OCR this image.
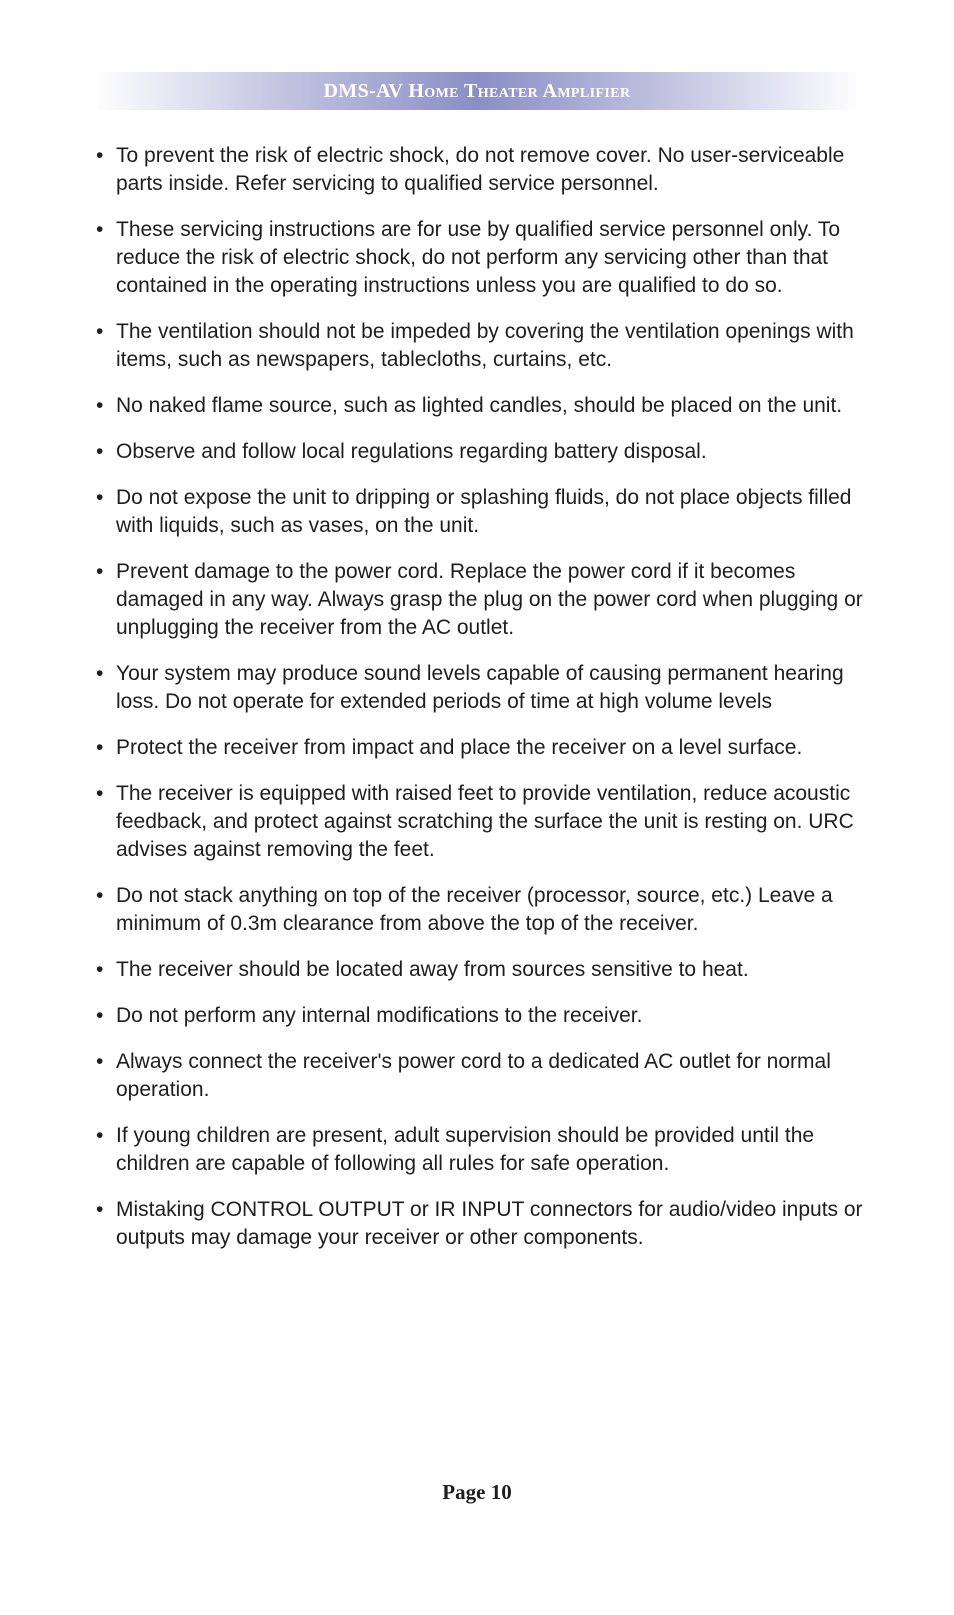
DMS-AV Home Theater Amplifier
• To prevent the risk of electric shock, do not remove cover. No user-serviceable parts inside. Refer servicing to qualified service personnel.
• These servicing instructions are for use by qualified service personnel only. To reduce the risk of electric shock, do not perform any servicing other than that contained in the operating instructions unless you are qualified to do so.
• The ventilation should not be impeded by covering the ventilation openings with items, such as newspapers, tablecloths, curtains, etc.
• No naked flame source, such as lighted candles, should be placed on the unit.
• Observe and follow local regulations regarding battery disposal.
• Do not expose the unit to dripping or splashing fluids, do not place objects filled with liquids, such as vases, on the unit.
• Prevent damage to the power cord. Replace the power cord if it becomes damaged in any way. Always grasp the plug on the power cord when plugging or unplugging the receiver from the AC outlet.
• Your system may produce sound levels capable of causing permanent hearing loss. Do not operate for extended periods of time at high volume levels
• Protect the receiver from impact and place the receiver on a level surface.
• The receiver is equipped with raised feet to provide ventilation, reduce acoustic feedback, and protect against scratching the surface the unit is resting on. URC advises against removing the feet.
• Do not stack anything on top of the receiver (processor, source, etc.) Leave a minimum of 0.3m clearance from above the top of the receiver.
• The receiver should be located away from sources sensitive to heat.
• Do not perform any internal modifications to the receiver.
• Always connect the receiver's power cord to a dedicated AC outlet for normal operation.
• If young children are present, adult supervision should be provided until the children are capable of following all rules for safe operation.
• Mistaking CONTROL OUTPUT or IR INPUT connectors for audio/video inputs or outputs may damage your receiver or other components.
Page 10
